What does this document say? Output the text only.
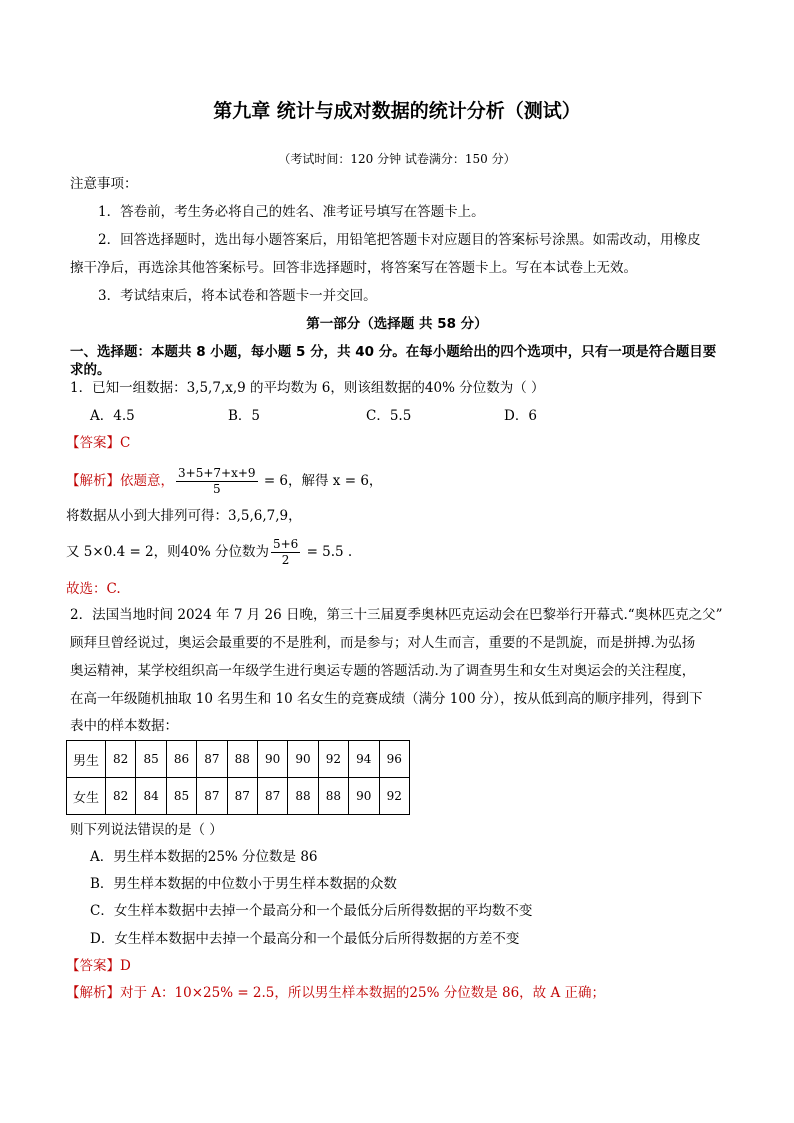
第九章 统计与成对数据的统计分析（测试）
（考试时间：120 分钟 试卷满分：150 分）
注意事项：
1．答卷前，考生务必将自己的姓名、准考证号填写在答题卡上。
2．回答选择题时，选出每小题答案后，用铅笔把答题卡对应题目的答案标号涂黑。如需改动，用橡皮
擦干净后，再选涂其他答案标号。回答非选择题时，将答案写在答题卡上。写在本试卷上无效。
3．考试结束后，将本试卷和答题卡一并交回。
第一部分（选择题 共 58 分）
一、选择题：本题共 8 小题，每小题 5 分，共 40 分。在每小题给出的四个选项中，只有一项是符合题目要
求的。
1．已知一组数据：3,5,7,x,9 的平均数为 6，则该组数据的40% 分位数为（ ）
A．4.5	B．5	C．5.5	D．6
【答案】C
【解析】依题意， $\frac{3+5+7+x+9}{5} = 6$，解得 x = 6，
将数据从小到大排列可得：3,5,6,7,9，
又 5×0.4 = 2，则40% 分位数为 $\frac{5+6}{2} = 5.5$ .
故选：C.
2．法国当地时间 2024 年 7 月 26 日晚，第三十三届夏季奥林匹克运动会在巴黎举行开幕式.“奥林匹克之父”
顾拜旦曾经说过，奥运会最重要的不是胜利，而是参与；对人生而言，重要的不是凯旋，而是拼搏.为弘扬
奥运精神，某学校组织高一年级学生进行奥运专题的答题活动.为了调查男生和女生对奥运会的关注程度，
在高一年级随机抽取 10 名男生和 10 名女生的竞赛成绩（满分 100 分），按从低到高的顺序排列，得到下
表中的样本数据：
男生	82	85	86	87	88	90	90	92	94	96
女生	82	84	85	87	87	87	88	88	90	92
则下列说法错误的是（ ）
A．男生样本数据的25% 分位数是 86
B．男生样本数据的中位数小于男生样本数据的众数
C．女生样本数据中去掉一个最高分和一个最低分后所得数据的平均数不变
D．女生样本数据中去掉一个最高分和一个最低分后所得数据的方差不变
【答案】D
【解析】对于 A：10×25% = 2.5，所以男生样本数据的25% 分位数是 86，故 A 正确；
